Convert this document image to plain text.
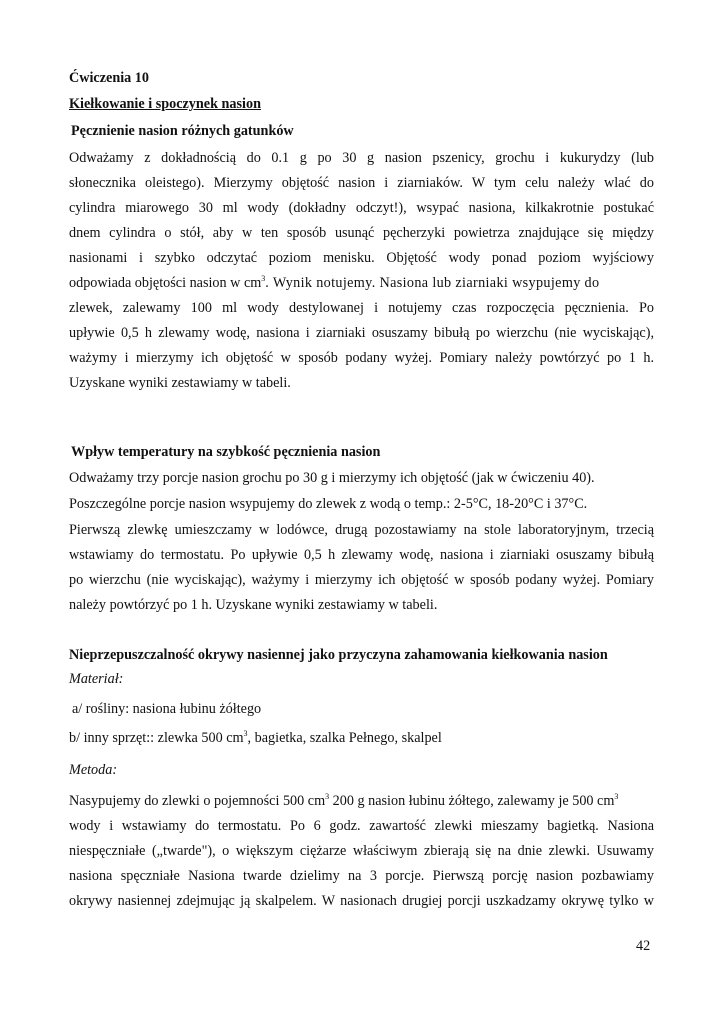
Ćwiczenia 10
Kiełkowanie i spoczynek nasion
Pęcznienie nasion różnych gatunków
Odważamy z dokładnością do 0.1 g po 30 g nasion pszenicy, grochu i kukurydzy (lub
słonecznika oleistego). Mierzymy objętość nasion i ziarniaków. W tym celu należy wlać do
cylindra miarowego 30 ml wody (dokładny odczyt!), wsypać nasiona, kilkakrotnie postukać
dnem cylindra o stół, aby w ten sposób usunąć pęcherzyki powietrza znajdujące się między
nasionami i szybko odczytać poziom menisku. Objętość wody ponad poziom wyjściowy
odpowiada objętości nasion w $cm^3$. Wynik notujemy. Nasiona lub ziarniaki wsypujemy do
zlewek, zalewamy 100 ml wody destylowanej i notujemy czas rozpoczęcia pęcznienia. Po
upływie 0,5 h zlewamy wodę, nasiona i ziarniaki osuszamy bibułą po wierzchu (nie wyciskając),
ważymy i mierzymy ich objętość w sposób podany wyżej. Pomiary należy powtórzyć po 1 h.
Uzyskane wyniki zestawiamy w tabeli.
Wpływ temperatury na szybkość pęcznienia nasion
Odważamy trzy porcje nasion grochu po 30 g i mierzymy ich objętość (jak w ćwiczeniu 40).
Poszczególne porcje nasion wsypujemy do zlewek z wodą o temp.: 2-5°C, 18-20°C i 37°C.
Pierwszą zlewkę umieszczamy w lodówce, drugą pozostawiamy na stole laboratoryjnym, trzecią
wstawiamy do termostatu. Po upływie 0,5 h zlewamy wodę, nasiona i ziarniaki osuszamy bibułą
po wierzchu (nie wyciskając), ważymy i mierzymy ich objętość w sposób podany wyżej. Pomiary
należy powtórzyć po 1 h. Uzyskane wyniki zestawiamy w tabeli.
Nieprzepuszczalność okrywy nasiennej jako przyczyna zahamowania kiełkowania nasion
Materiał:
a/ rośliny: nasiona łubinu żółtego
b/ inny sprzęt:: zlewka 500 $cm^3$, bagietka, szalka Pełnego, skalpel
Metoda:
Nasypujemy do zlewki o pojemności 500 $cm^3$ 200 g nasion łubinu żółtego, zalewamy je 500 $cm^3$
wody i wstawiamy do termostatu. Po 6 godz. zawartość zlewki mieszamy bagietką. Nasiona
niespęczniałe („twarde"), o większym ciężarze właściwym zbierają się na dnie zlewki. Usuwamy
nasiona spęczniałe Nasiona twarde dzielimy na 3 porcje. Pierwszą porcję nasion pozbawiamy
okrywy nasiennej zdejmując ją skalpelem. W nasionach drugiej porcji uszkadzamy okrywę tylko w
42
